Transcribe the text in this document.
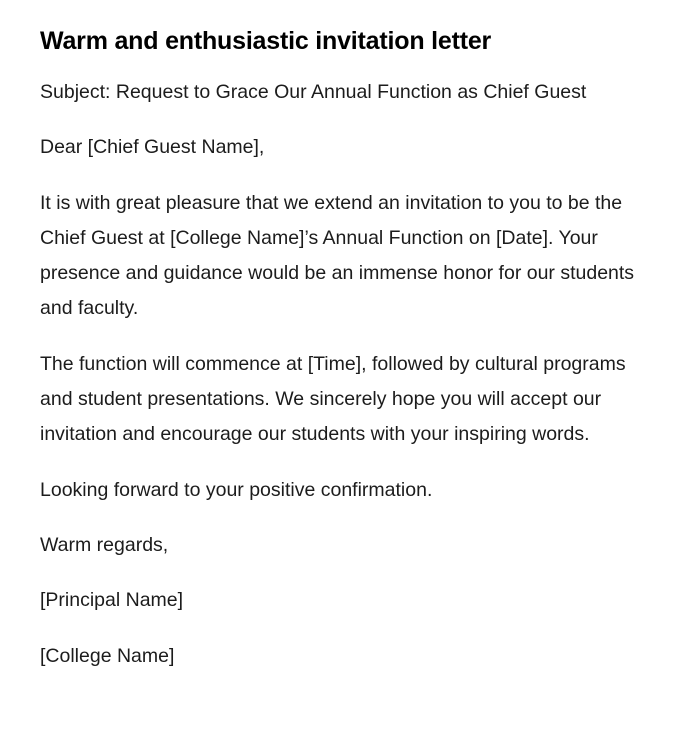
Warm and enthusiastic invitation letter

Subject: Request to Grace Our Annual Function as Chief Guest

Dear [Chief Guest Name],

It is with great pleasure that we extend an invitation to you to be the Chief Guest at [College Name]’s Annual Function on [Date]. Your presence and guidance would be an immense honor for our students and faculty.

The function will commence at [Time], followed by cultural programs and student presentations. We sincerely hope you will accept our invitation and encourage our students with your inspiring words.

Looking forward to your positive confirmation.

Warm regards,

[Principal Name]

[College Name]
